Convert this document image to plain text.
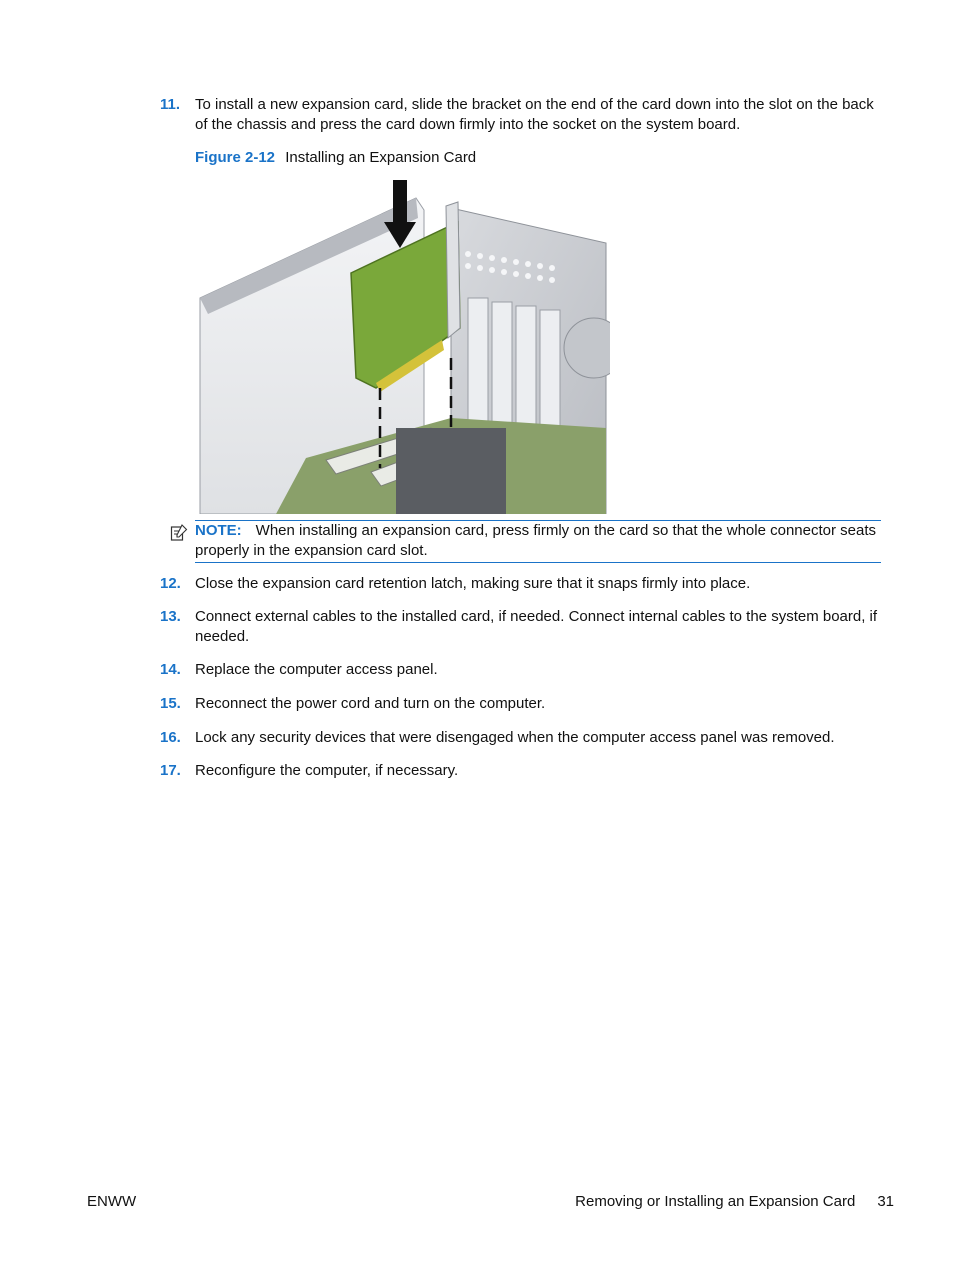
11. To install a new expansion card, slide the bracket on the end of the card down into the slot on the back of the chassis and press the card down firmly into the socket on the system board.
Figure 2-12 Installing an Expansion Card
NOTE: When installing an expansion card, press firmly on the card so that the whole connector seats properly in the expansion card slot.
12. Close the expansion card retention latch, making sure that it snaps firmly into place.
13. Connect external cables to the installed card, if needed. Connect internal cables to the system board, if needed.
14. Replace the computer access panel.
15. Reconnect the power cord and turn on the computer.
16. Lock any security devices that were disengaged when the computer access panel was removed.
17. Reconfigure the computer, if necessary.
ENWW	Removing or Installing an Expansion Card 31
